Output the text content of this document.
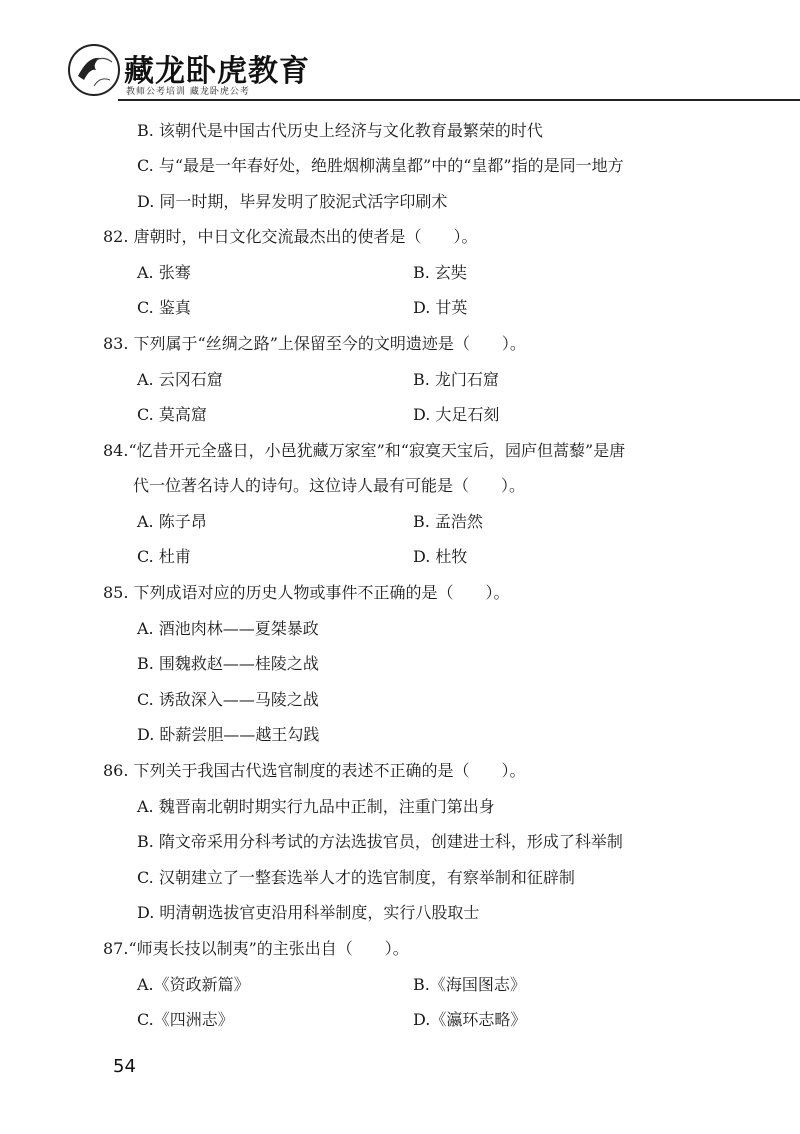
藏龙卧虎教育
教师公考培训 藏龙卧虎公考
B. 该朝代是中国古代历史上经济与文化教育最繁荣的时代
C. 与“最是一年春好处，绝胜烟柳满皇都”中的“皇都”指的是同一地方
D. 同一时期，毕昇发明了胶泥式活字印刷术
82. 唐朝时，中日文化交流最杰出的使者是（　　）。
A. 张骞	B. 玄奘
C. 鉴真	D. 甘英
83. 下列属于“丝绸之路”上保留至今的文明遗迹是（　　）。
A. 云冈石窟	B. 龙门石窟
C. 莫高窟	D. 大足石刻
84.“忆昔开元全盛日，小邑犹藏万家室”和“寂寞天宝后，园庐但蒿藜”是唐
代一位著名诗人的诗句。这位诗人最有可能是（　　）。
A. 陈子昂	B. 孟浩然
C. 杜甫	D. 杜牧
85. 下列成语对应的历史人物或事件不正确的是（　　）。
A. 酒池肉林——夏桀暴政
B. 围魏救赵——桂陵之战
C. 诱敌深入——马陵之战
D. 卧薪尝胆——越王勾践
86. 下列关于我国古代选官制度的表述不正确的是（　　）。
A. 魏晋南北朝时期实行九品中正制，注重门第出身
B. 隋文帝采用分科考试的方法选拔官员，创建进士科，形成了科举制
C. 汉朝建立了一整套选举人才的选官制度，有察举制和征辟制
D. 明清朝选拔官吏沿用科举制度，实行八股取士
87.“师夷长技以制夷”的主张出自（　　）。
A.《资政新篇》	B.《海国图志》
C.《四洲志》	D.《瀛环志略》
54
